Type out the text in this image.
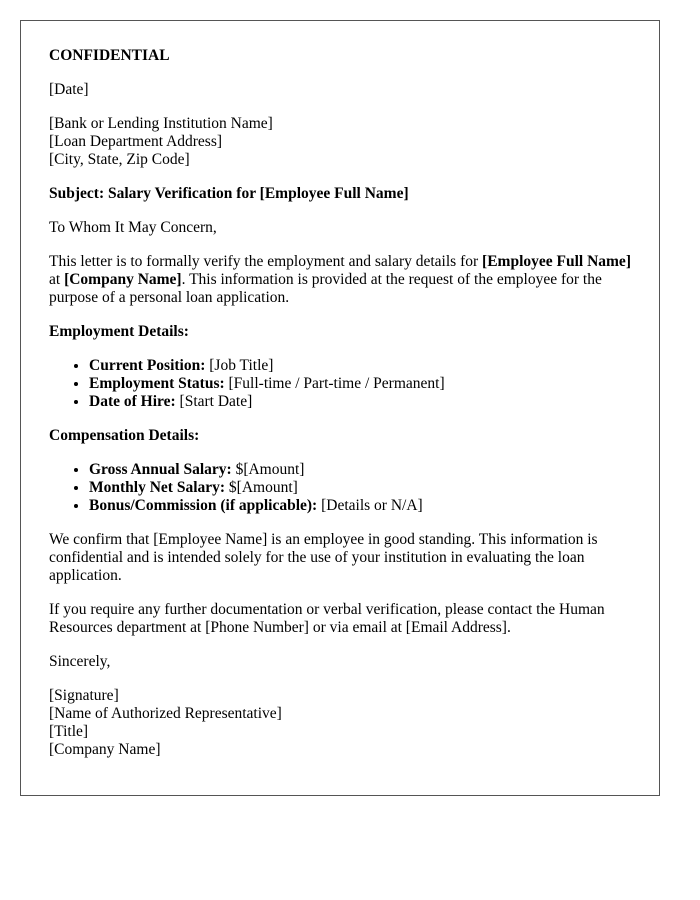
CONFIDENTIAL

[Date]

[Bank or Lending Institution Name]
[Loan Department Address]
[City, State, Zip Code]

Subject: Salary Verification for [Employee Full Name]

To Whom It May Concern,

This letter is to formally verify the employment and salary details for [Employee Full Name] at [Company Name]. This information is provided at the request of the employee for the purpose of a personal loan application.

Employment Details:

• Current Position: [Job Title]
• Employment Status: [Full-time / Part-time / Permanent]
• Date of Hire: [Start Date]

Compensation Details:

• Gross Annual Salary: $[Amount]
• Monthly Net Salary: $[Amount]
• Bonus/Commission (if applicable): [Details or N/A]

We confirm that [Employee Name] is an employee in good standing. This information is confidential and is intended solely for the use of your institution in evaluating the loan application.

If you require any further documentation or verbal verification, please contact the Human Resources department at [Phone Number] or via email at [Email Address].

Sincerely,

[Signature]
[Name of Authorized Representative]
[Title]
[Company Name]
